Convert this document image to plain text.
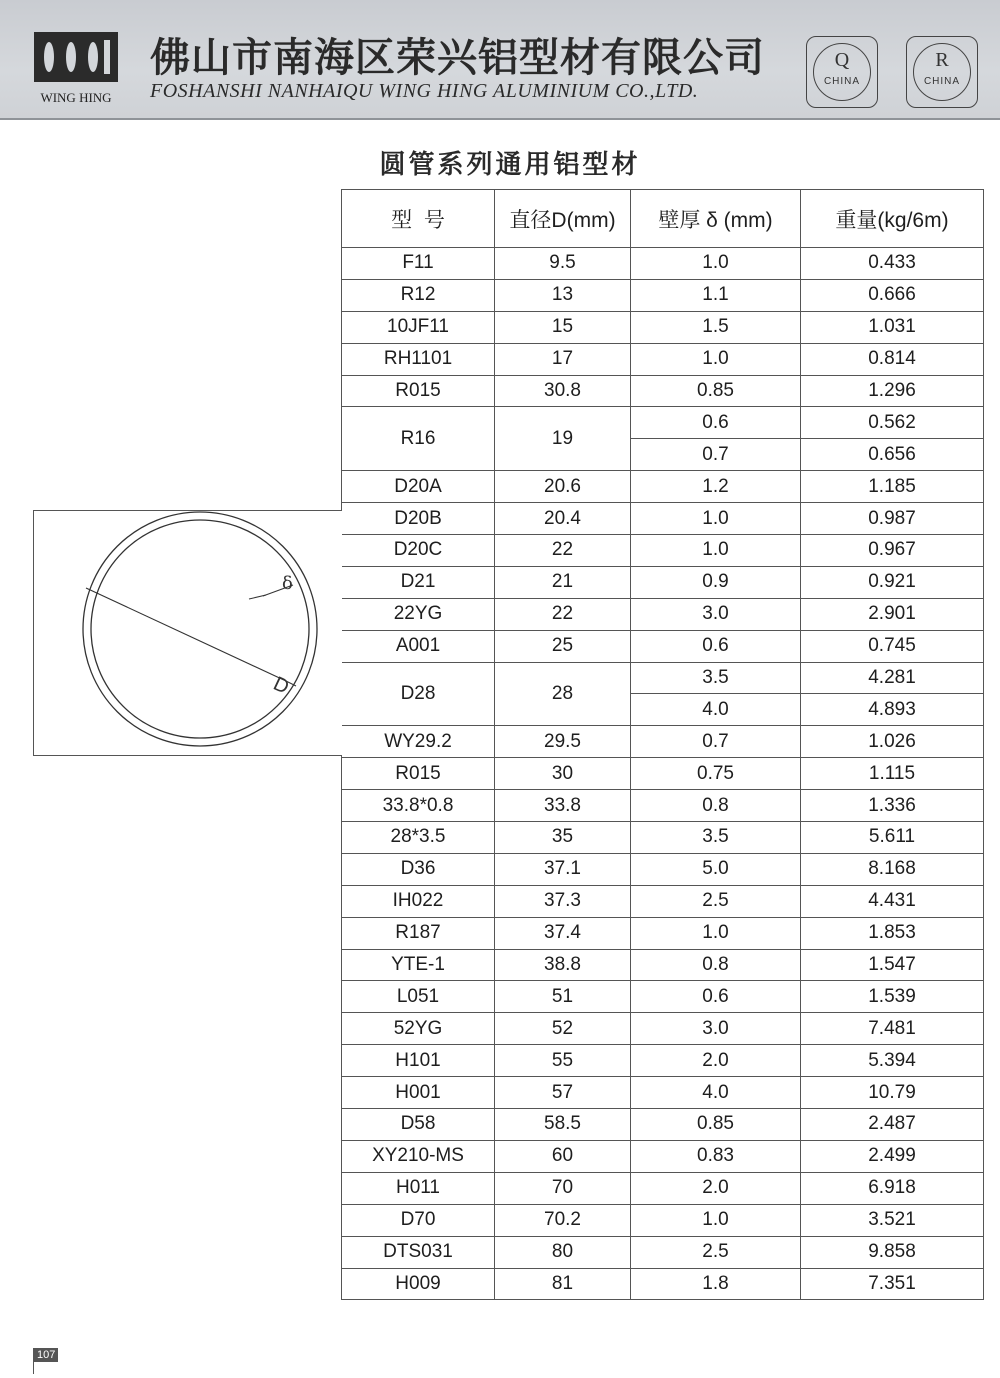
WING HING
佛山市南海区荣兴铝型材有限公司
FOSHANSHI NANHAIQU WING HING ALUMINIUM CO.,LTD.
Q
CHINA
R
CHINA
圆管系列通用铝型材
型  号	直径D(mm)	壁厚 δ (mm)	重量(kg/6m)
F11	9.5	1.0	0.433
R12	13	1.1	0.666
10JF11	15	1.5	1.031
RH1101	17	1.0	0.814
R015	30.8	0.85	1.296
R16	19	0.6	0.562
		0.7	0.656
D20A	20.6	1.2	1.185
D20B	20.4	1.0	0.987
D20C	22	1.0	0.967
D21	21	0.9	0.921
22YG	22	3.0	2.901
A001	25	0.6	0.745
D28	28	3.5	4.281
		4.0	4.893
WY29.2	29.5	0.7	1.026
R015	30	0.75	1.115
33.8*0.8	33.8	0.8	1.336
28*3.5	35	3.5	5.611
D36	37.1	5.0	8.168
IH022	37.3	2.5	4.431
R187	37.4	1.0	1.853
YTE-1	38.8	0.8	1.547
L051	51	0.6	1.539
52YG	52	3.0	7.481
H101	55	2.0	5.394
H001	57	4.0	10.79
D58	58.5	0.85	2.487
XY210-MS	60	0.83	2.499
H011	70	2.0	6.918
D70	70.2	1.0	3.521
DTS031	80	2.5	9.858
H009	81	1.8	7.351
δ
D
107
